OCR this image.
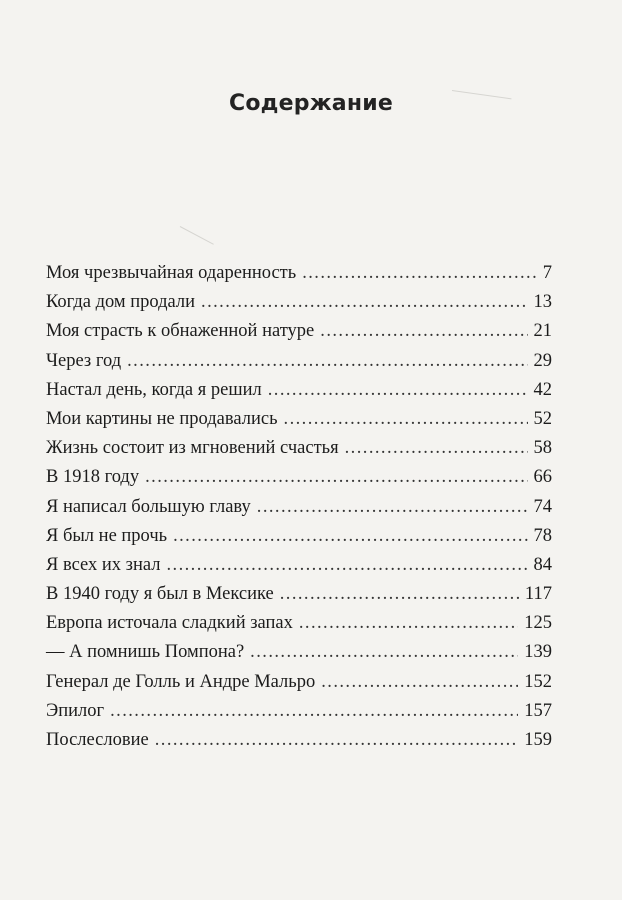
Содержание
Моя чрезвычайная одаренность . . .	7
Когда дом продали . . .	13
Моя страсть к обнаженной натуре . . .	21
Через год . . .	29
Настал день, когда я решил . . .	42
Мои картины не продавались . . .	52
Жизнь состоит из мгновений счастья . . .	58
В 1918 году . . .	66
Я написал большую главу . . .	74
Я был не прочь . . .	78
Я всех их знал . . .	84
В 1940 году я был в Мексике . . .	117
Европа источала сладкий запах . . .	125
— А помнишь Помпона? . . .	139
Генерал де Голль и Андре Мальро . . .	152
Эпилог . . .	157
Послесловие . . .	159
